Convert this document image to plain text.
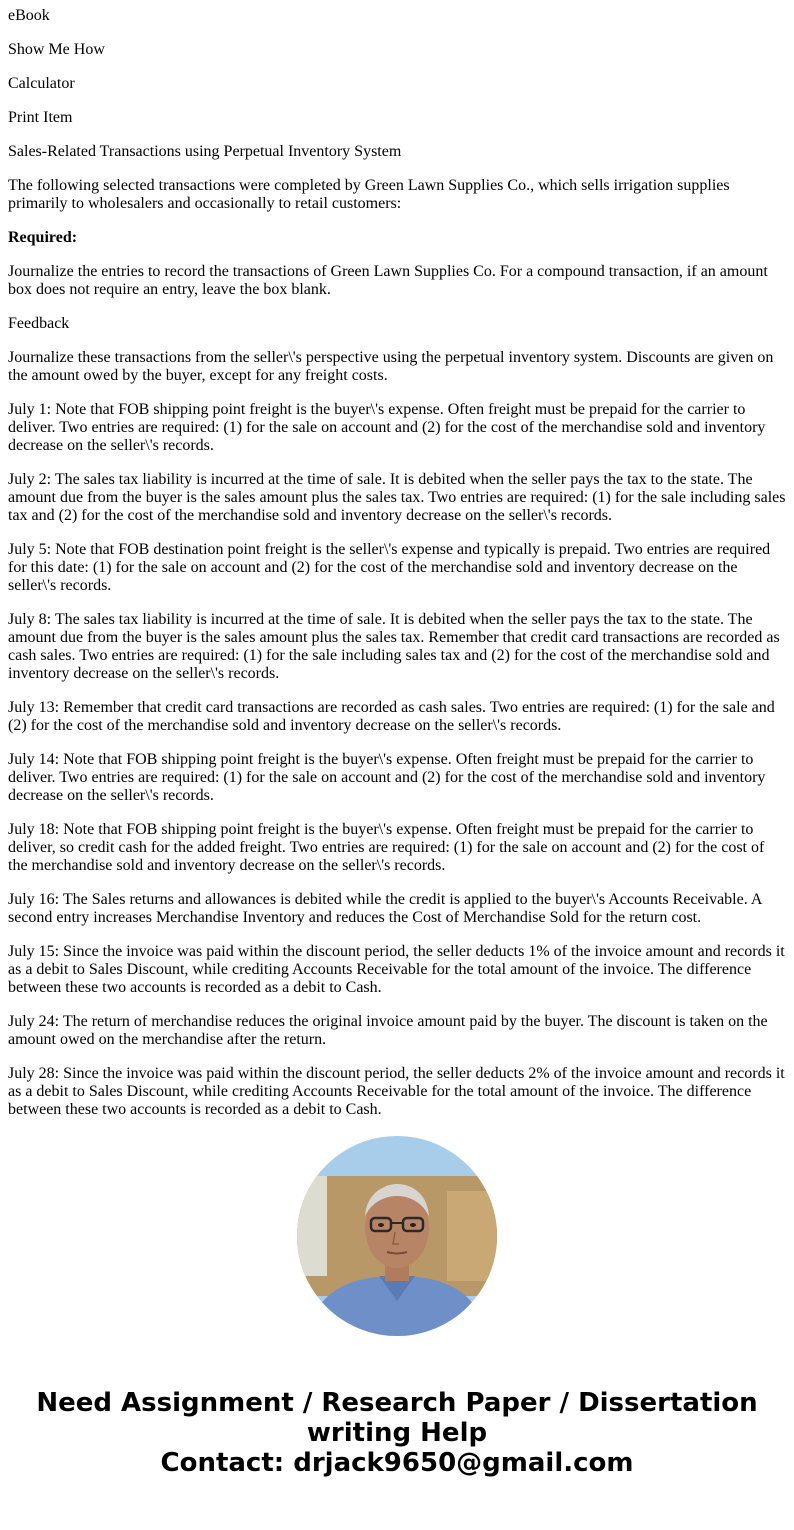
eBook

Show Me How

Calculator

Print Item

Sales-Related Transactions using Perpetual Inventory System

The following selected transactions were completed by Green Lawn Supplies Co., which sells irrigation supplies primarily to wholesalers and occasionally to retail customers:

Required:

Journalize the entries to record the transactions of Green Lawn Supplies Co. For a compound transaction, if an amount box does not require an entry, leave the box blank.

Feedback

Journalize these transactions from the seller\'s perspective using the perpetual inventory system. Discounts are given on the amount owed by the buyer, except for any freight costs.

July 1: Note that FOB shipping point freight is the buyer\'s expense. Often freight must be prepaid for the carrier to deliver. Two entries are required: (1) for the sale on account and (2) for the cost of the merchandise sold and inventory decrease on the seller\'s records.

July 2: The sales tax liability is incurred at the time of sale. It is debited when the seller pays the tax to the state. The amount due from the buyer is the sales amount plus the sales tax. Two entries are required: (1) for the sale including sales tax and (2) for the cost of the merchandise sold and inventory decrease on the seller\'s records.

July 5: Note that FOB destination point freight is the seller\'s expense and typically is prepaid. Two entries are required for this date: (1) for the sale on account and (2) for the cost of the merchandise sold and inventory decrease on the seller\'s records.

July 8: The sales tax liability is incurred at the time of sale. It is debited when the seller pays the tax to the state. The amount due from the buyer is the sales amount plus the sales tax. Remember that credit card transactions are recorded as cash sales. Two entries are required: (1) for the sale including sales tax and (2) for the cost of the merchandise sold and inventory decrease on the seller\'s records.

July 13: Remember that credit card transactions are recorded as cash sales. Two entries are required: (1) for the sale and (2) for the cost of the merchandise sold and inventory decrease on the seller\'s records.

July 14: Note that FOB shipping point freight is the buyer\'s expense. Often freight must be prepaid for the carrier to deliver. Two entries are required: (1) for the sale on account and (2) for the cost of the merchandise sold and inventory decrease on the seller\'s records.

July 18: Note that FOB shipping point freight is the buyer\'s expense. Often freight must be prepaid for the carrier to deliver, so credit cash for the added freight. Two entries are required: (1) for the sale on account and (2) for the cost of the merchandise sold and inventory decrease on the seller\'s records.

July 16: The Sales returns and allowances is debited while the credit is applied to the buyer\'s Accounts Receivable. A second entry increases Merchandise Inventory and reduces the Cost of Merchandise Sold for the return cost.

July 15: Since the invoice was paid within the discount period, the seller deducts 1% of the invoice amount and records it as a debit to Sales Discount, while crediting Accounts Receivable for the total amount of the invoice. The difference between these two accounts is recorded as a debit to Cash.

July 24: The return of merchandise reduces the original invoice amount paid by the buyer. The discount is taken on the amount owed on the merchandise after the return.

July 28: Since the invoice was paid within the discount period, the seller deducts 2% of the invoice amount and records it as a debit to Sales Discount, while crediting Accounts Receivable for the total amount of the invoice. The difference between these two accounts is recorded as a debit to Cash.

Need Assignment / Research Paper / Dissertation
writing Help
Contact: drjack9650@gmail.com
